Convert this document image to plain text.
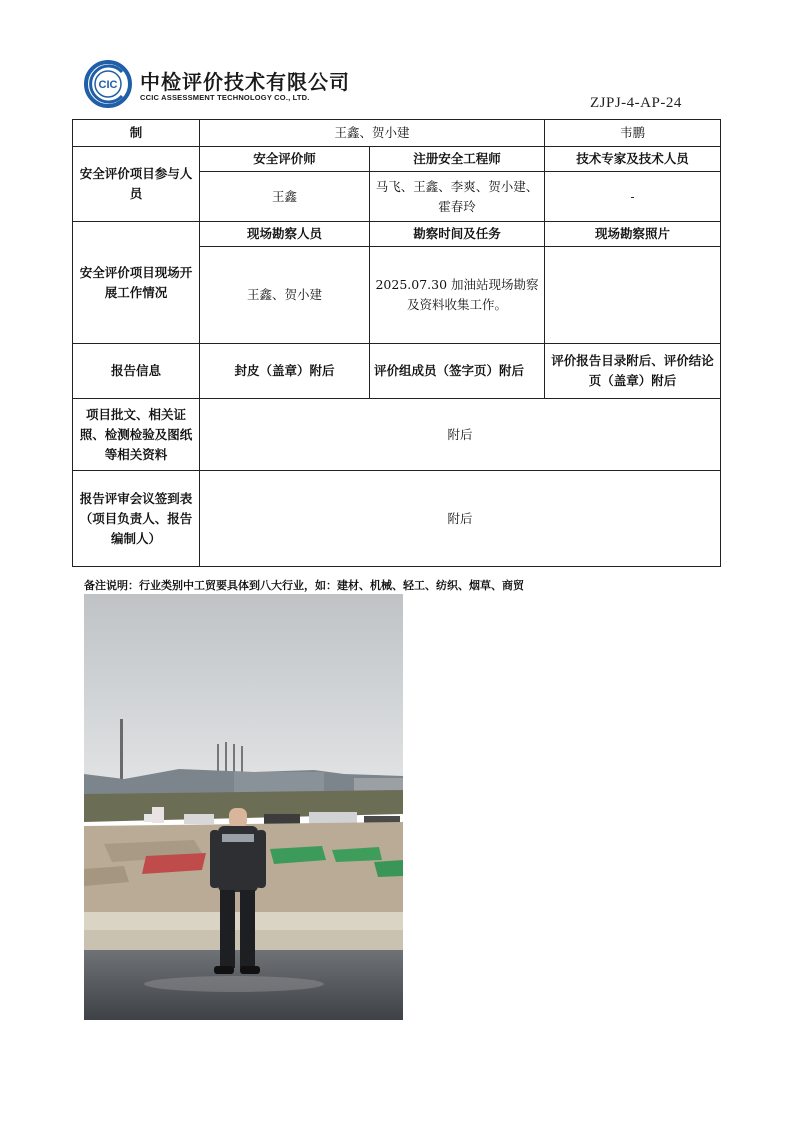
CIC 中检评价技术有限公司
CCIC ASSESSMENT TECHNOLOGY CO., LTD.	ZJPJ-4-AP-24
制	王鑫、贺小建		韦鹏
安全评价项目参与人员	安全评价师	注册安全工程师	技术专家及技术人员
	王鑫	马飞、王鑫、李爽、贺小建、霍春玲	-
安全评价项目现场开展工作情况	现场勘察人员	勘察时间及任务	现场勘察照片
	王鑫、贺小建	2025.07.30 加油站现场勘察及资料收集工作。	
报告信息	封皮（盖章）附后	评价组成员（签字页）附后	评价报告目录附后、评价结论页（盖章）附后
项目批文、相关证照、检测检验及图纸等相关资料	附后		
报告评审会议签到表（项目负责人、报告编制人）	附后		
备注说明：行业类别中工贸要具体到八大行业，如：建材、机械、轻工、纺织、烟草、商贸
